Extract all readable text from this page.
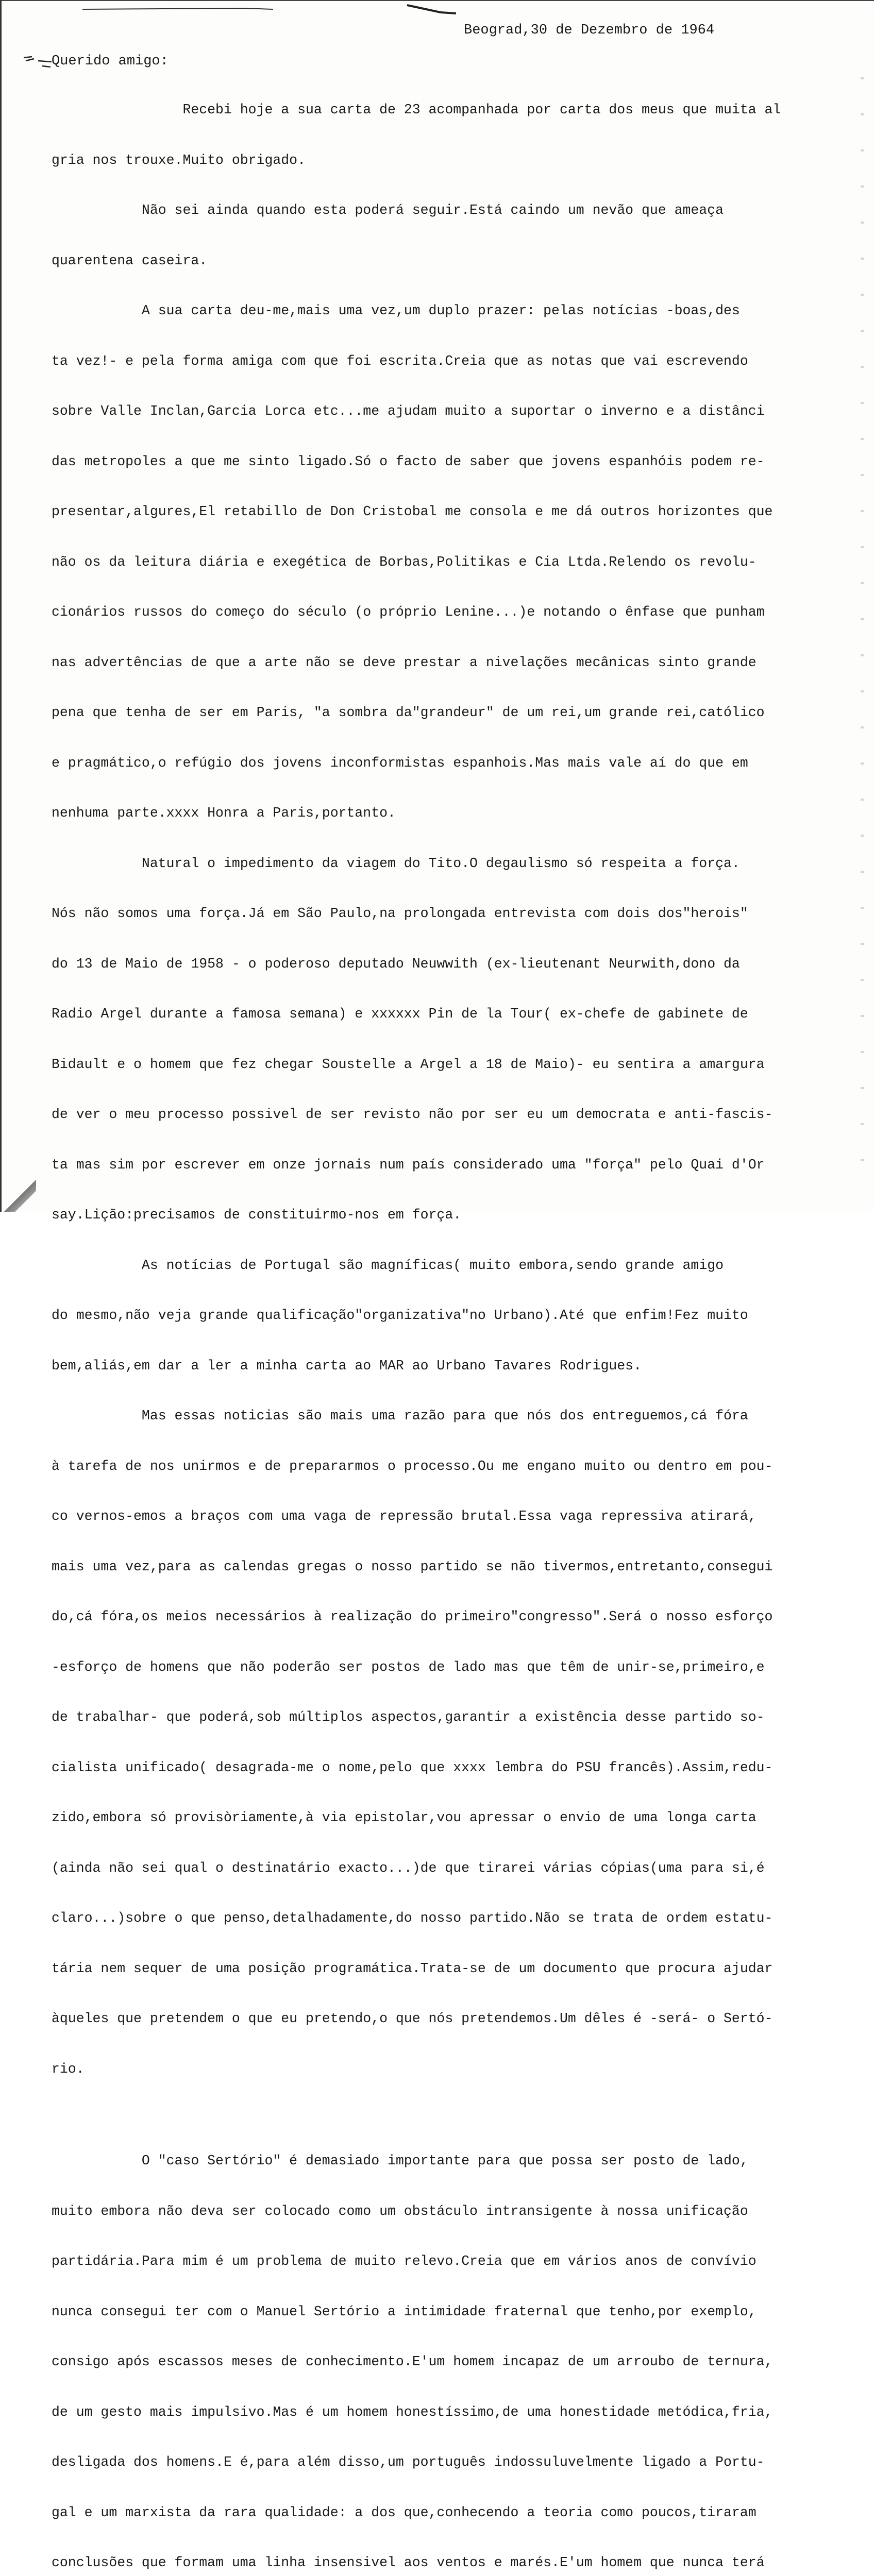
Beograd,30 de Dezembro de 1964
Querido amigo:

Recebi hoje a sua carta de 23 acompanhada por carta dos meus que muita al

gria nos trouxe.Muito obrigado.

Não sei ainda quando esta poderá seguir.Está caindo um nevão que ameaça

quarentena caseira.

A sua carta deu-me,mais uma vez,um duplo prazer: pelas notícias -boas,des

ta vez!- e pela forma amiga com que foi escrita.Creia que as notas que vai escrevendo

sobre Valle Inclan,Garcia Lorca etc...me ajudam muito a suportar o inverno e a distânci

das metropoles a que me sinto ligado.Só o facto de saber que jovens espanhóis podem re-

presentar,algures,El retabillo de Don Cristobal me consola e me dá outros horizontes que

não os da leitura diária e exegética de Borbas,Politikas e Cia Ltda.Relendo os revolu-

cionários russos do começo do século (o próprio Lenine...)e notando o ênfase que punham

nas advertências de que a arte não se deve prestar a nivelações mecânicas sinto grande

pena que tenha de ser em Paris, "a sombra da"grandeur" de um rei,um grande rei,católico

e pragmático,o refúgio dos jovens inconformistas espanhois.Mas mais vale aí do que em

nenhuma parte.xxxx Honra a Paris,portanto.

Natural o impedimento da viagem do Tito.O degaulismo só respeita a força.

Nós não somos uma força.Já em São Paulo,na prolongada entrevista com dois dos"herois"

do 13 de Maio de 1958 - o poderoso deputado Neuwwith (ex-lieutenant Neurwith,dono da

Radio Argel durante a famosa semana) e xxxxxx Pin de la Tour( ex-chefe de gabinete de

Bidault e o homem que fez chegar Soustelle a Argel a 18 de Maio)- eu sentira a amargura

de ver o meu processo possivel de ser revisto não por ser eu um democrata e anti-fascis-

ta mas sim por escrever em onze jornais num país considerado uma "força" pelo Quai d'Or

say.Lição:precisamos de constituirmo-nos em força.

As notícias de Portugal são magníficas( muito embora,sendo grande amigo

do mesmo,não veja grande qualificação"organizativa"no Urbano).Até que enfim!Fez muito

bem,aliás,em dar a ler a minha carta ao MAR ao Urbano Tavares Rodrigues.

Mas essas noticias são mais uma razão para que nós dos entreguemos,cá fóra

à tarefa de nos unirmos e de prepararmos o processo.Ou me engano muito ou dentro em pou-

co vernos-emos a braços com uma vaga de repressão brutal.Essa vaga repressiva atirará,

mais uma vez,para as calendas gregas o nosso partido se não tivermos,entretanto,consegui

do,cá fóra,os meios necessários à realização do primeiro"congresso".Será o nosso esforço

-esforço de homens que não poderão ser postos de lado mas que têm de unir-se,primeiro,e

de trabalhar- que poderá,sob múltiplos aspectos,garantir a existência desse partido so-

cialista unificado( desagrada-me o nome,pelo que xxxx lembra do PSU francês).Assim,redu-

zido,embora só provisòriamente,à via epistolar,vou apressar o envio de uma longa carta

(ainda não sei qual o destinatário exacto...)de que tirarei várias cópias(uma para si,é

claro...)sobre o que penso,detalhadamente,do nosso partido.Não se trata de ordem estatu-

tária nem sequer de uma posição programática.Trata-se de um documento que procura ajudar

àqueles que pretendem o que eu pretendo,o que nós pretendemos.Um dêles é -será- o Sertó-

rio.

O "caso Sertório" é demasiado importante para que possa ser posto de lado,

muito embora não deva ser colocado como um obstáculo intransigente à nossa unificação

partidária.Para mim é um problema de muito relevo.Creia que em vários anos de convívio

nunca consegui ter com o Manuel Sertório a intimidade fraternal que tenho,por exemplo,

consigo após escassos meses de conhecimento.E'um homem incapaz de um arroubo de ternura,

de um gesto mais impulsivo.Mas é um homem honestíssimo,de uma honestidade metódica,fria,

desligada dos homens.E é,para além disso,um português indossuluvelmente ligado a Portu-

gal e um marxista da rara qualidade: a dos que,conhecendo a teoria como poucos,tiraram

conclusões que formam uma linha insensivel aos ventos e marés.E'um homem que nunca terá
